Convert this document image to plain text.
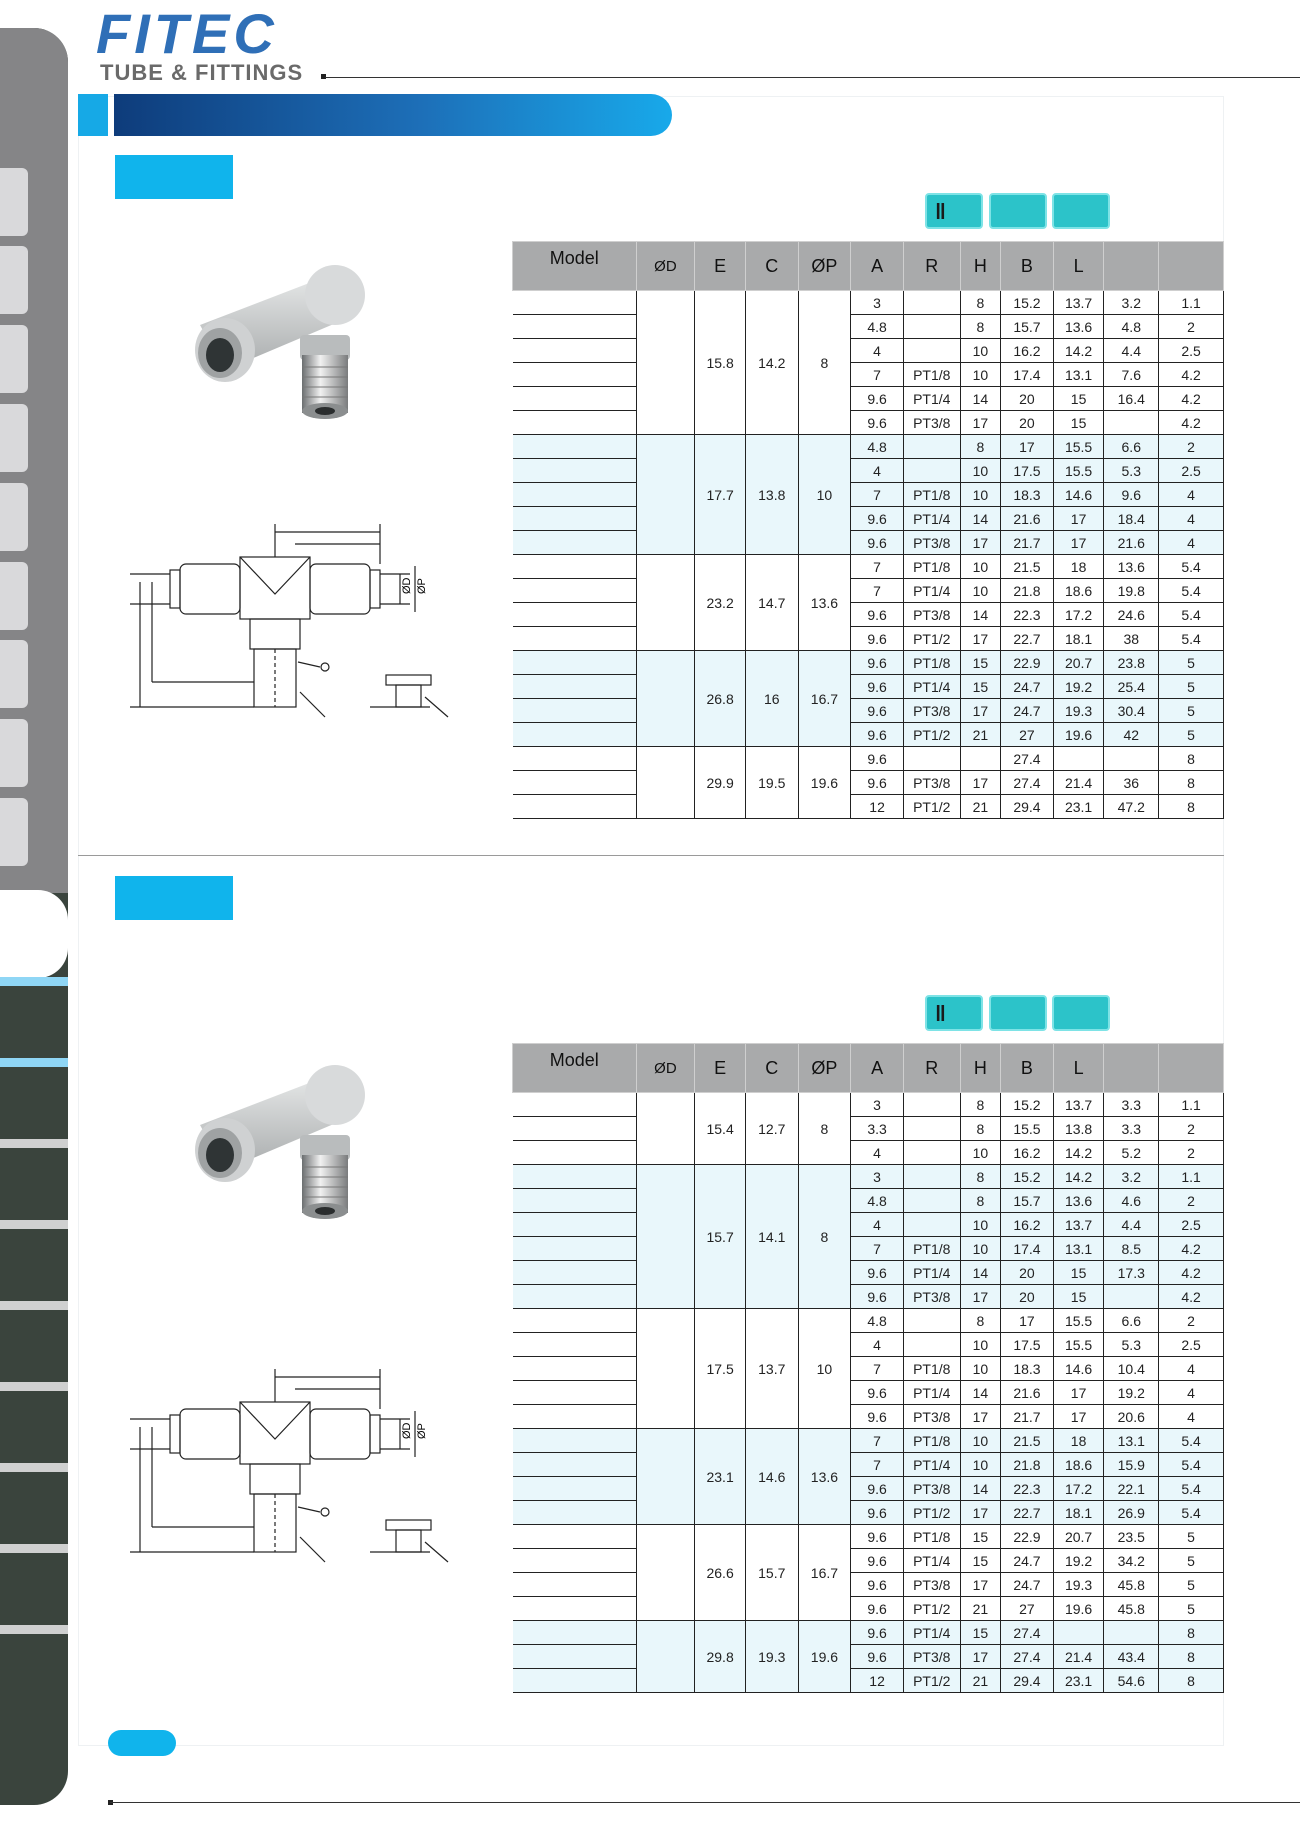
FITEC
TUBE & FITTINGS
‖
ØD ØP
Model	ØD	E	C	ØP	A	R	H	B	L		
		15.8	14.2	8	3		8	15.2	13.7	3.2	1.1
					4.8		8	15.7	13.6	4.8	2
					4		10	16.2	14.2	4.4	2.5
					7	PT1/8	10	17.4	13.1	7.6	4.2
					9.6	PT1/4	14	20	15	16.4	4.2
					9.6	PT3/8	17	20	15		4.2
		17.7	13.8	10	4.8		8	17	15.5	6.6	2
					4		10	17.5	15.5	5.3	2.5
					7	PT1/8	10	18.3	14.6	9.6	4
					9.6	PT1/4	14	21.6	17	18.4	4
					9.6	PT3/8	17	21.7	17	21.6	4
		23.2	14.7	13.6	7	PT1/8	10	21.5	18	13.6	5.4
					7	PT1/4	10	21.8	18.6	19.8	5.4
					9.6	PT3/8	14	22.3	17.2	24.6	5.4
					9.6	PT1/2	17	22.7	18.1	38	5.4
		26.8	16	16.7	9.6	PT1/8	15	22.9	20.7	23.8	5
					9.6	PT1/4	15	24.7	19.2	25.4	5
					9.6	PT3/8	17	24.7	19.3	30.4	5
					9.6	PT1/2	21	27	19.6	42	5
		29.9	19.5	19.6	9.6			27.4			8
					9.6	PT3/8	17	27.4	21.4	36	8
					12	PT1/2	21	29.4	23.1	47.2	8
‖
ØD ØP
Model	ØD	E	C	ØP	A	R	H	B	L		
		15.4	12.7	8	3		8	15.2	13.7	3.3	1.1
					3.3		8	15.5	13.8	3.3	2
					4		10	16.2	14.2	5.2	2
		15.7	14.1	8	3		8	15.2	14.2	3.2	1.1
					4.8		8	15.7	13.6	4.6	2
					4		10	16.2	13.7	4.4	2.5
					7	PT1/8	10	17.4	13.1	8.5	4.2
					9.6	PT1/4	14	20	15	17.3	4.2
					9.6	PT3/8	17	20	15		4.2
		17.5	13.7	10	4.8		8	17	15.5	6.6	2
					4		10	17.5	15.5	5.3	2.5
					7	PT1/8	10	18.3	14.6	10.4	4
					9.6	PT1/4	14	21.6	17	19.2	4
					9.6	PT3/8	17	21.7	17	20.6	4
		23.1	14.6	13.6	7	PT1/8	10	21.5	18	13.1	5.4
					7	PT1/4	10	21.8	18.6	15.9	5.4
					9.6	PT3/8	14	22.3	17.2	22.1	5.4
					9.6	PT1/2	17	22.7	18.1	26.9	5.4
		26.6	15.7	16.7	9.6	PT1/8	15	22.9	20.7	23.5	5
					9.6	PT1/4	15	24.7	19.2	34.2	5
					9.6	PT3/8	17	24.7	19.3	45.8	5
					9.6	PT1/2	21	27	19.6	45.8	5
		29.8	19.3	19.6	9.6	PT1/4	15	27.4			8
					9.6	PT3/8	17	27.4	21.4	43.4	8
					12	PT1/2	21	29.4	23.1	54.6	8
